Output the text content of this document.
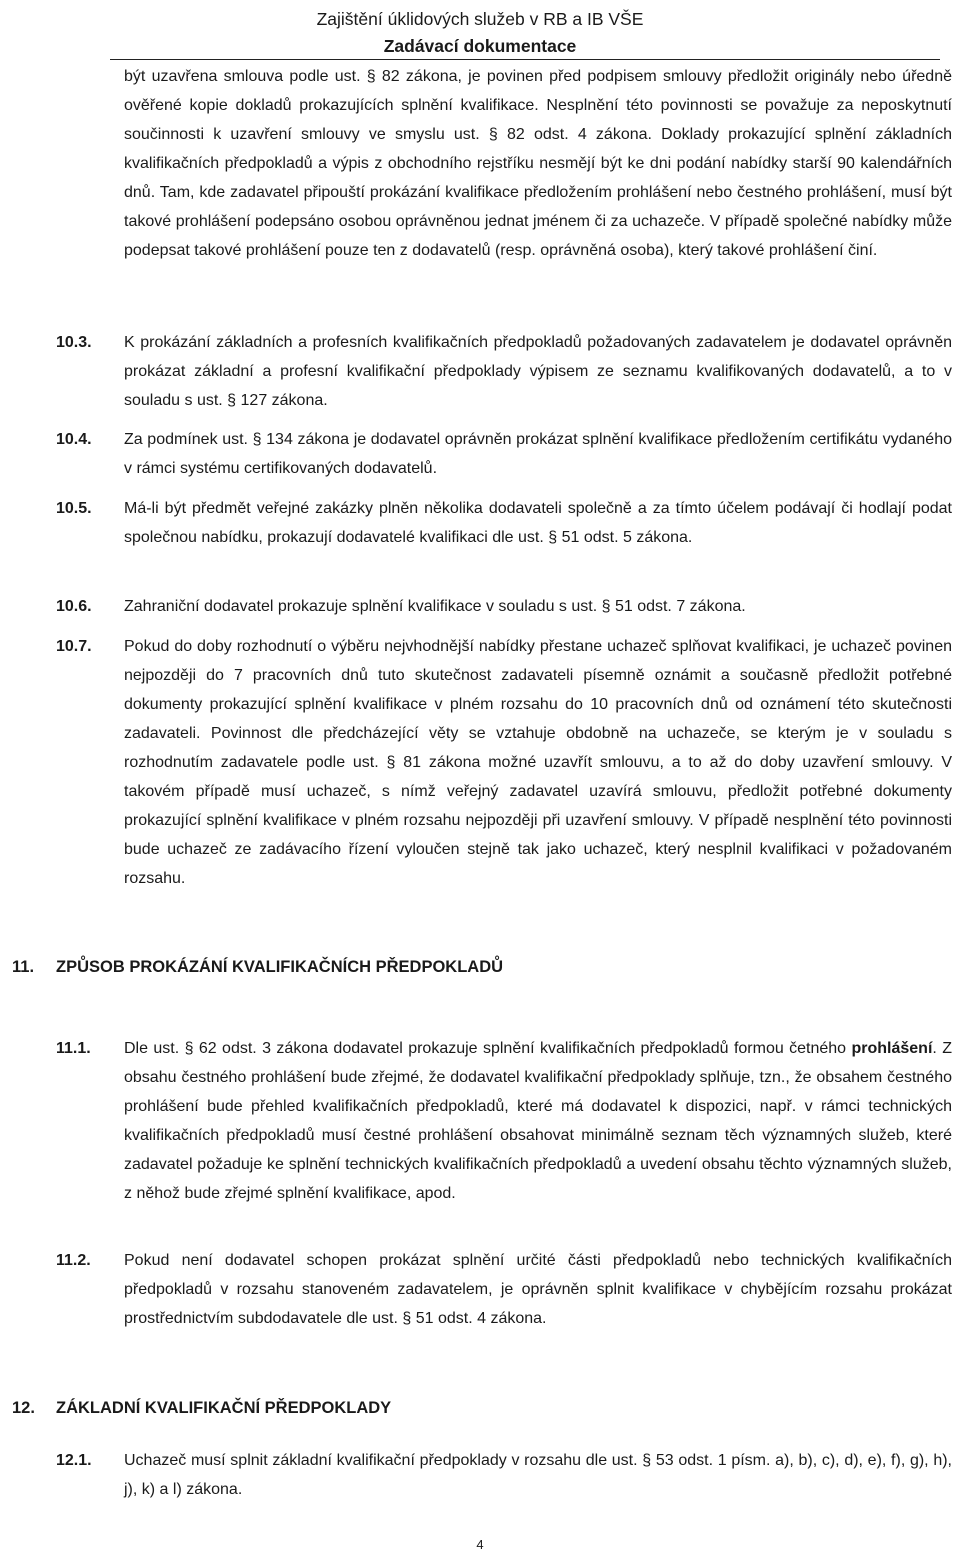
Zajištění úklidových služeb v RB a IB VŠE
Zadávací dokumentace
být uzavřena smlouva podle ust. § 82 zákona, je povinen před podpisem smlouvy předložit originály nebo úředně ověřené kopie dokladů prokazujících splnění kvalifikace. Nesplnění této povinnosti se považuje za neposkytnutí součinnosti k uzavření smlouvy ve smyslu ust. § 82 odst. 4 zákona. Doklady prokazující splnění základních kvalifikačních předpokladů a výpis z obchodního rejstříku nesmějí být ke dni podání nabídky starší 90 kalendářních dnů. Tam, kde zadavatel připouští prokázání kvalifikace předložením prohlášení nebo čestného prohlášení, musí být takové prohlášení podepsáno osobou oprávněnou jednat jménem či za uchazeče. V případě společné nabídky může podepsat takové prohlášení pouze ten z dodavatelů (resp. oprávněná osoba), který takové prohlášení činí.
10.3. K prokázání základních a profesních kvalifikačních předpokladů požadovaných zadavatelem je dodavatel oprávněn prokázat základní a profesní kvalifikační předpoklady výpisem ze seznamu kvalifikovaných dodavatelů, a to v souladu s ust. § 127 zákona.
10.4. Za podmínek ust. § 134 zákona je dodavatel oprávněn prokázat splnění kvalifikace předložením certifikátu vydaného v rámci systému certifikovaných dodavatelů.
10.5. Má-li být předmět veřejné zakázky plněn několika dodavateli společně a za tímto účelem podávají či hodlají podat společnou nabídku, prokazují dodavatelé kvalifikaci dle ust. § 51 odst. 5 zákona.
10.6. Zahraniční dodavatel prokazuje splnění kvalifikace v souladu s ust. § 51 odst. 7 zákona.
10.7. Pokud do doby rozhodnutí o výběru nejvhodnější nabídky přestane uchazeč splňovat kvalifikaci, je uchazeč povinen nejpozději do 7 pracovních dnů tuto skutečnost zadavateli písemně oznámit a současně předložit potřebné dokumenty prokazující splnění kvalifikace v plném rozsahu do 10 pracovních dnů od oznámení této skutečnosti zadavateli. Povinnost dle předcházející věty se vztahuje obdobně na uchazeče, se kterým je v souladu s rozhodnutím zadavatele podle ust. § 81 zákona možné uzavřít smlouvu, a to až do doby uzavření smlouvy. V takovém případě musí uchazeč, s nímž veřejný zadavatel uzavírá smlouvu, předložit potřebné dokumenty prokazující splnění kvalifikace v plném rozsahu nejpozději při uzavření smlouvy. V případě nesplnění této povinnosti bude uchazeč ze zadávacího řízení vyloučen stejně tak jako uchazeč, který nesplnil kvalifikaci v požadovaném rozsahu.
11. ZPŮSOB PROKÁZÁNÍ KVALIFIKAČNÍCH PŘEDPOKLADŮ
11.1. Dle ust. § 62 odst. 3 zákona dodavatel prokazuje splnění kvalifikačních předpokladů formou četného prohlášení. Z obsahu čestného prohlášení bude zřejmé, že dodavatel kvalifikační předpoklady splňuje, tzn., že obsahem čestného prohlášení bude přehled kvalifikačních předpokladů, které má dodavatel k dispozici, např. v rámci technických kvalifikačních předpokladů musí čestné prohlášení obsahovat minimálně seznam těch významných služeb, které zadavatel požaduje ke splnění technických kvalifikačních předpokladů a uvedení obsahu těchto významných služeb, z něhož bude zřejmé splnění kvalifikace, apod.
11.2. Pokud není dodavatel schopen prokázat splnění určité části předpokladů nebo technických kvalifikačních předpokladů v rozsahu stanoveném zadavatelem, je oprávněn splnit kvalifikace v chybějícím rozsahu prokázat prostřednictvím subdodavatele dle ust. § 51 odst. 4 zákona.
12. ZÁKLADNÍ KVALIFIKAČNÍ PŘEDPOKLADY
12.1. Uchazeč musí splnit základní kvalifikační předpoklady v rozsahu dle ust. § 53 odst. 1 písm. a), b), c), d), e), f), g), h), j), k) a l) zákona.
4
